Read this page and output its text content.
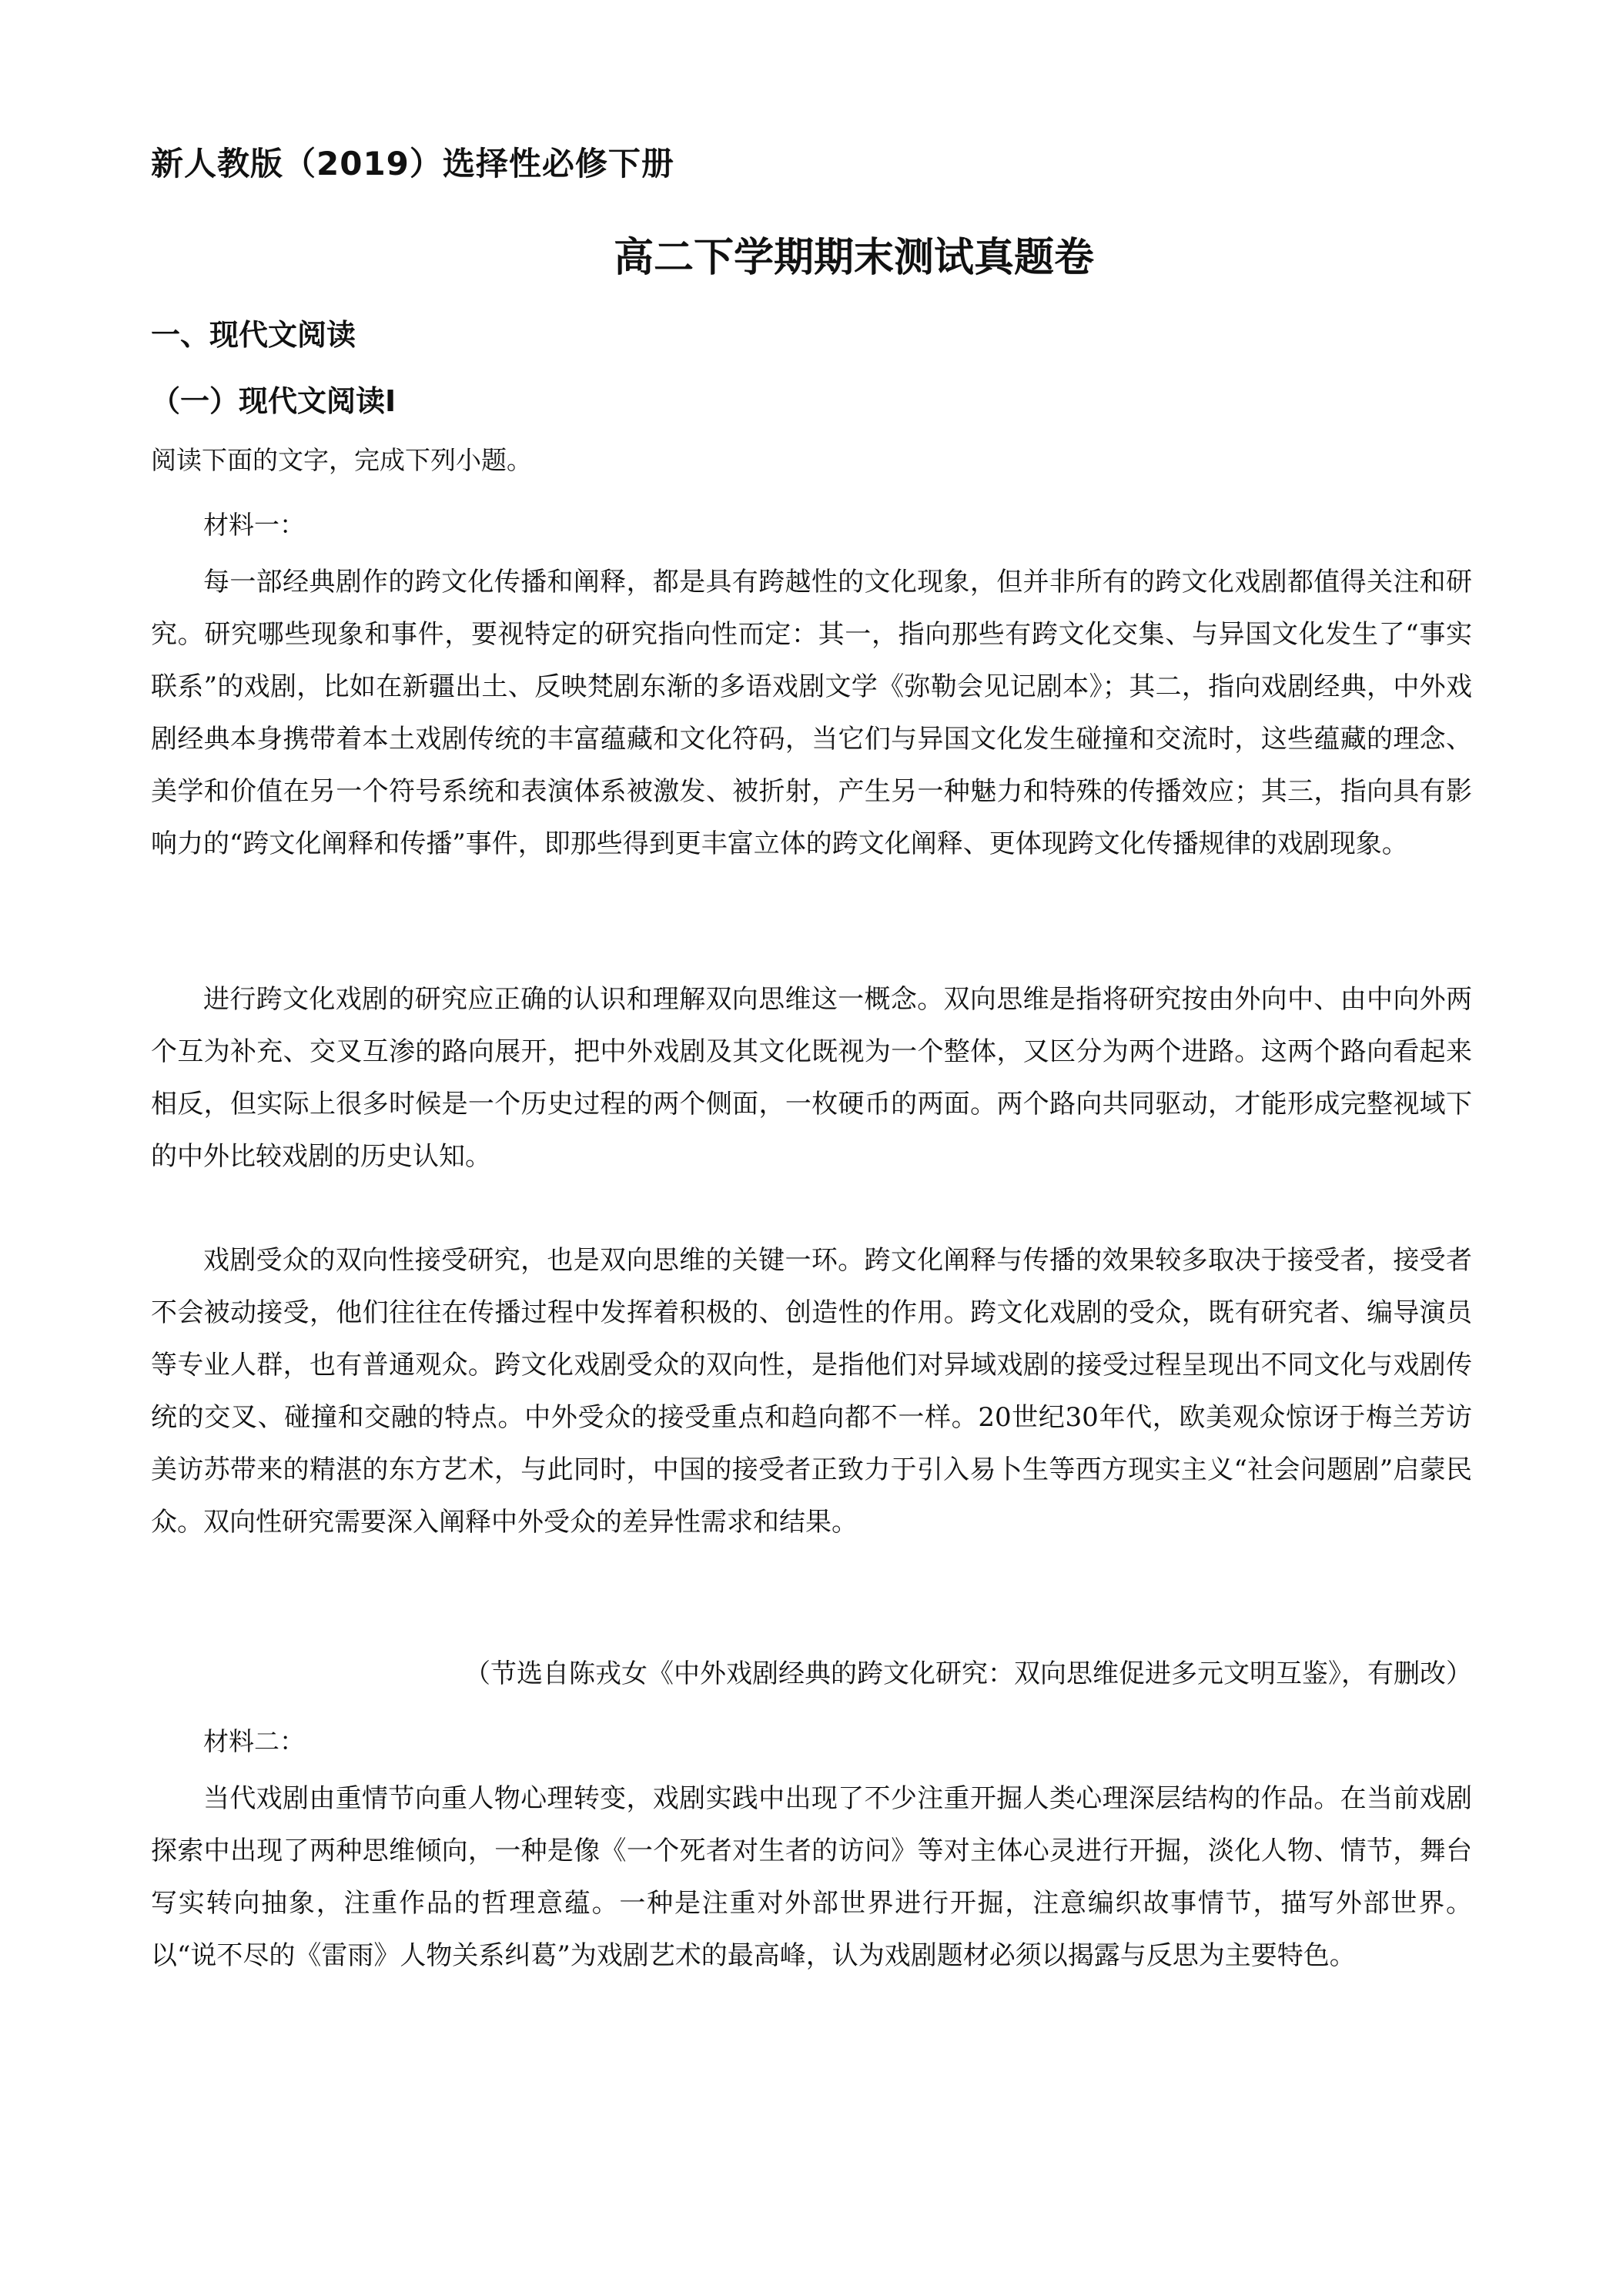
新人教版（2019）选择性必修下册
高二下学期期末测试真题卷
一、现代文阅读
（一）现代文阅读Ⅰ
阅读下面的文字，完成下列小题。
材料一：

每一部经典剧作的跨文化传播和阐释，都是具有跨越性的文化现象，但并非所有的跨文化戏剧都值得关注和研究。研究哪些现象和事件，要视特定的研究指向性而定：其一，指向那些有跨文化交集、与异国文化发生了“事实联系”的戏剧，比如在新疆出土、反映梵剧东渐的多语戏剧文学《弥勒会见记剧本》；其二，指向戏剧经典，中外戏剧经典本身携带着本土戏剧传统的丰富蕴藏和文化符码，当它们与异国文化发生碰撞和交流时，这些蕴藏的理念、美学和价值在另一个符号系统和表演体系被激发、被折射，产生另一种魅力和特殊的传播效应；其三，指向具有影响力的“跨文化阐释和传播”事件，即那些得到更丰富立体的跨文化阐释、更体现跨文化传播规律的戏剧现象。

进行跨文化戏剧的研究应正确的认识和理解双向思维这一概念。双向思维是指将研究按由外向中、由中向外两个互为补充、交叉互渗的路向展开，把中外戏剧及其文化既视为一个整体，又区分为两个进路。这两个路向看起来相反，但实际上很多时候是一个历史过程的两个侧面，一枚硬币的两面。两个路向共同驱动，才能形成完整视域下的中外比较戏剧的历史认知。

戏剧受众的双向性接受研究，也是双向思维的关键一环。跨文化阐释与传播的效果较多取决于接受者，接受者不会被动接受，他们往往在传播过程中发挥着积极的、创造性的作用。跨文化戏剧的受众，既有研究者、编导演员等专业人群，也有普通观众。跨文化戏剧受众的双向性，是指他们对异域戏剧的接受过程呈现出不同文化与戏剧传统的交叉、碰撞和交融的特点。中外受众的接受重点和趋向都不一样。20世纪30年代，欧美观众惊讶于梅兰芳访美访苏带来的精湛的东方艺术，与此同时，中国的接受者正致力于引入易卜生等西方现实主义“社会问题剧”启蒙民众。双向性研究需要深入阐释中外受众的差异性需求和结果。

（节选自陈戎女《中外戏剧经典的跨文化研究：双向思维促进多元文明互鉴》，有删改）
材料二：

当代戏剧由重情节向重人物心理转变，戏剧实践中出现了不少注重开掘人类心理深层结构的作品。在当前戏剧探索中出现了两种思维倾向，一种是像《一个死者对生者的访问》等对主体心灵进行开掘，淡化人物、情节，舞台写实转向抽象，注重作品的哲理意蕴。一种是注重对外部世界进行开掘，注意编织故事情节，描写外部世界。以“说不尽的《雷雨》人物关系纠葛”为戏剧艺术的最高峰，认为戏剧题材必须以揭露与反思为主要特色。
